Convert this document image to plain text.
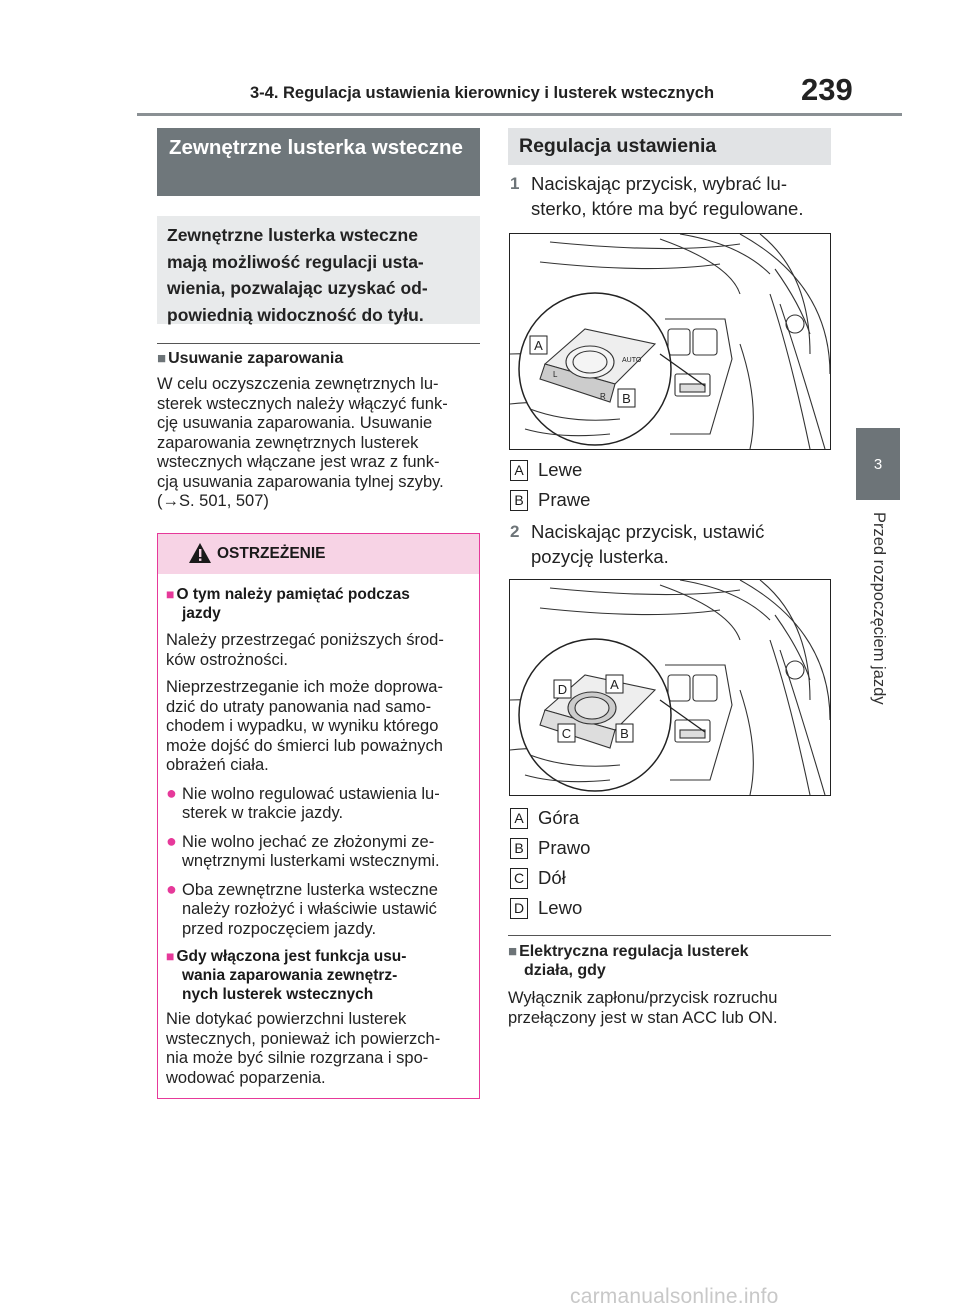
3-4. Regulacja ustawienia kierownicy i lusterek wstecznych	239
3
Przed rozpoczęciem jazdy
Zewnętrzne lusterka wsteczne
Zewnętrzne lusterka wsteczne
mają możliwość regulacji usta-
wienia, pozwalając uzyskać od-
powiednią widoczność do tyłu.
■ Usuwanie zaparowania
W celu oczyszczenia zewnętrznych lu-
sterek wstecznych należy włączyć funk-
cję usuwania zaparowania. Usuwanie
zaparowania zewnętrznych lusterek
wstecznych włączane jest wraz z funk-
cją usuwania zaparowania tylnej szyby.
(→S. 501, 507)
OSTRZEŻENIE
■ O tym należy pamiętać podczas
jazdy
Należy przestrzegać poniższych środ-
ków ostrożności.
Nieprzestrzeganie ich może doprowa-
dzić do utraty panowania nad samo-
chodem i wypadku, w wyniku którego
może dojść do śmierci lub poważnych
obrażeń ciała.
● Nie wolno regulować ustawienia lu-
sterek w trakcie jazdy.
● Nie wolno jechać ze złożonymi ze-
wnętrznymi lusterkami wstecznymi.
● Oba zewnętrzne lusterka wsteczne
należy rozłożyć i właściwie ustawić
przed rozpoczęciem jazdy.
■ Gdy włączona jest funkcja usu-
wania zaparowania zewnętrz-
nych lusterek wstecznych
Nie dotykać powierzchni lusterek
wstecznych, ponieważ ich powierzch-
nia może być silnie rozgrzana i spo-
wodować poparzenia.
Regulacja ustawienia
1 Naciskając przycisk, wybrać lu-
sterko, które ma być regulowane.
AUTO
L
R
A
B
A Lewe
B Prawe
2 Naciskając przycisk, ustawić
pozycję lusterka.
D	A
C	B
A Góra
B Prawo
C Dół
D Lewo
■ Elektryczna regulacja lusterek
działa, gdy
Wyłącznik zapłonu/przycisk rozruchu
przełączony jest w stan ACC lub ON.
carmanualsonline.info
